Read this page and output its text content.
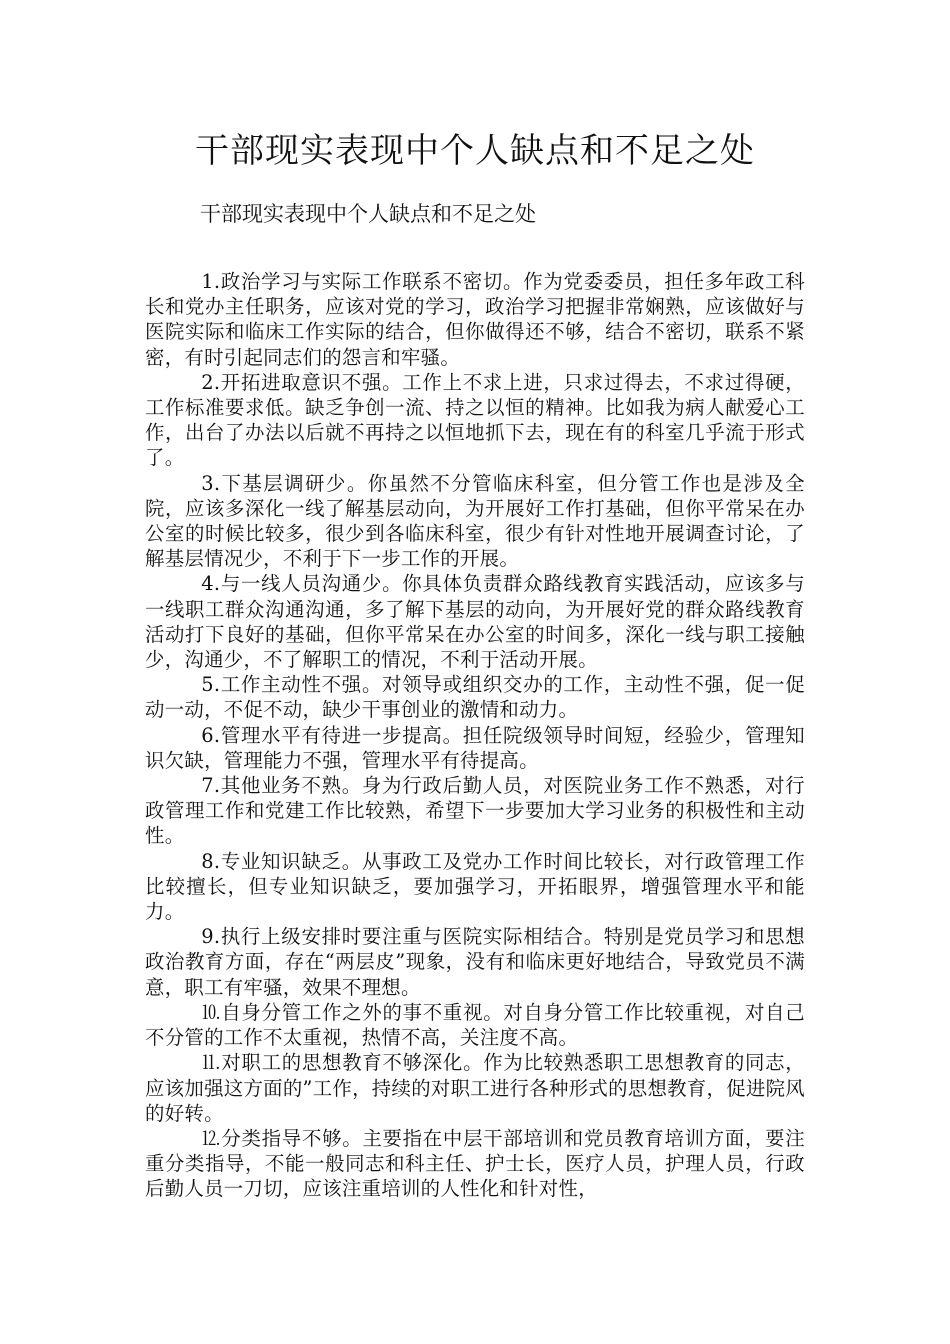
干部现实表现中个人缺点和不足之处

干部现实表现中个人缺点和不足之处

1.政治学习与实际工作联系不密切。作为党委委员，担任多年政工科长和党办主任职务，应该对党的学习，政治学习把握非常娴熟，应该做好与医院实际和临床工作实际的结合，但你做得还不够，结合不密切，联系不紧密，有时引起同志们的怨言和牢骚。

2.开拓进取意识不强。工作上不求上进，只求过得去，不求过得硬，工作标准要求低。缺乏争创一流、持之以恒的精神。比如我为病人献爱心工作，出台了办法以后就不再持之以恒地抓下去，现在有的科室几乎流于形式了。

3.下基层调研少。你虽然不分管临床科室，但分管工作也是涉及全院，应该多深化一线了解基层动向，为开展好工作打基础，但你平常呆在办公室的时候比较多，很少到各临床科室，很少有针对性地开展调查讨论，了解基层情况少，不利于下一步工作的开展。

4.与一线人员沟通少。你具体负责群众路线教育实践活动，应该多与一线职工群众沟通沟通，多了解下基层的动向，为开展好党的群众路线教育活动打下良好的基础，但你平常呆在办公室的时间多，深化一线与职工接触少，沟通少，不了解职工的情况，不利于活动开展。

5.工作主动性不强。对领导或组织交办的工作，主动性不强，促一促动一动，不促不动，缺少干事创业的激情和动力。

6.管理水平有待进一步提高。担任院级领导时间短，经验少，管理知识欠缺，管理能力不强，管理水平有待提高。

7.其他业务不熟。身为行政后勤人员，对医院业务工作不熟悉，对行政管理工作和党建工作比较熟，希望下一步要加大学习业务的积极性和主动性。

8.专业知识缺乏。从事政工及党办工作时间比较长，对行政管理工作比较擅长，但专业知识缺乏，要加强学习，开拓眼界，增强管理水平和能力。

9.执行上级安排时要注重与医院实际相结合。特别是党员学习和思想政治教育方面，存在“两层皮”现象，没有和临床更好地结合，导致党员不满意，职工有牢骚，效果不理想。

⒑自身分管工作之外的事不重视。对自身分管工作比较重视，对自己不分管的工作不太重视，热情不高，关注度不高。

⒒对职工的思想教育不够深化。作为比较熟悉职工思想教育的同志，应该加强这方面的”工作，持续的对职工进行各种形式的思想教育，促进院风的好转。

⒓分类指导不够。主要指在中层干部培训和党员教育培训方面，要注重分类指导，不能一般同志和科主任、护士长，医疗人员，护理人员，行政后勤人员一刀切，应该注重培训的人性化和针对性，
